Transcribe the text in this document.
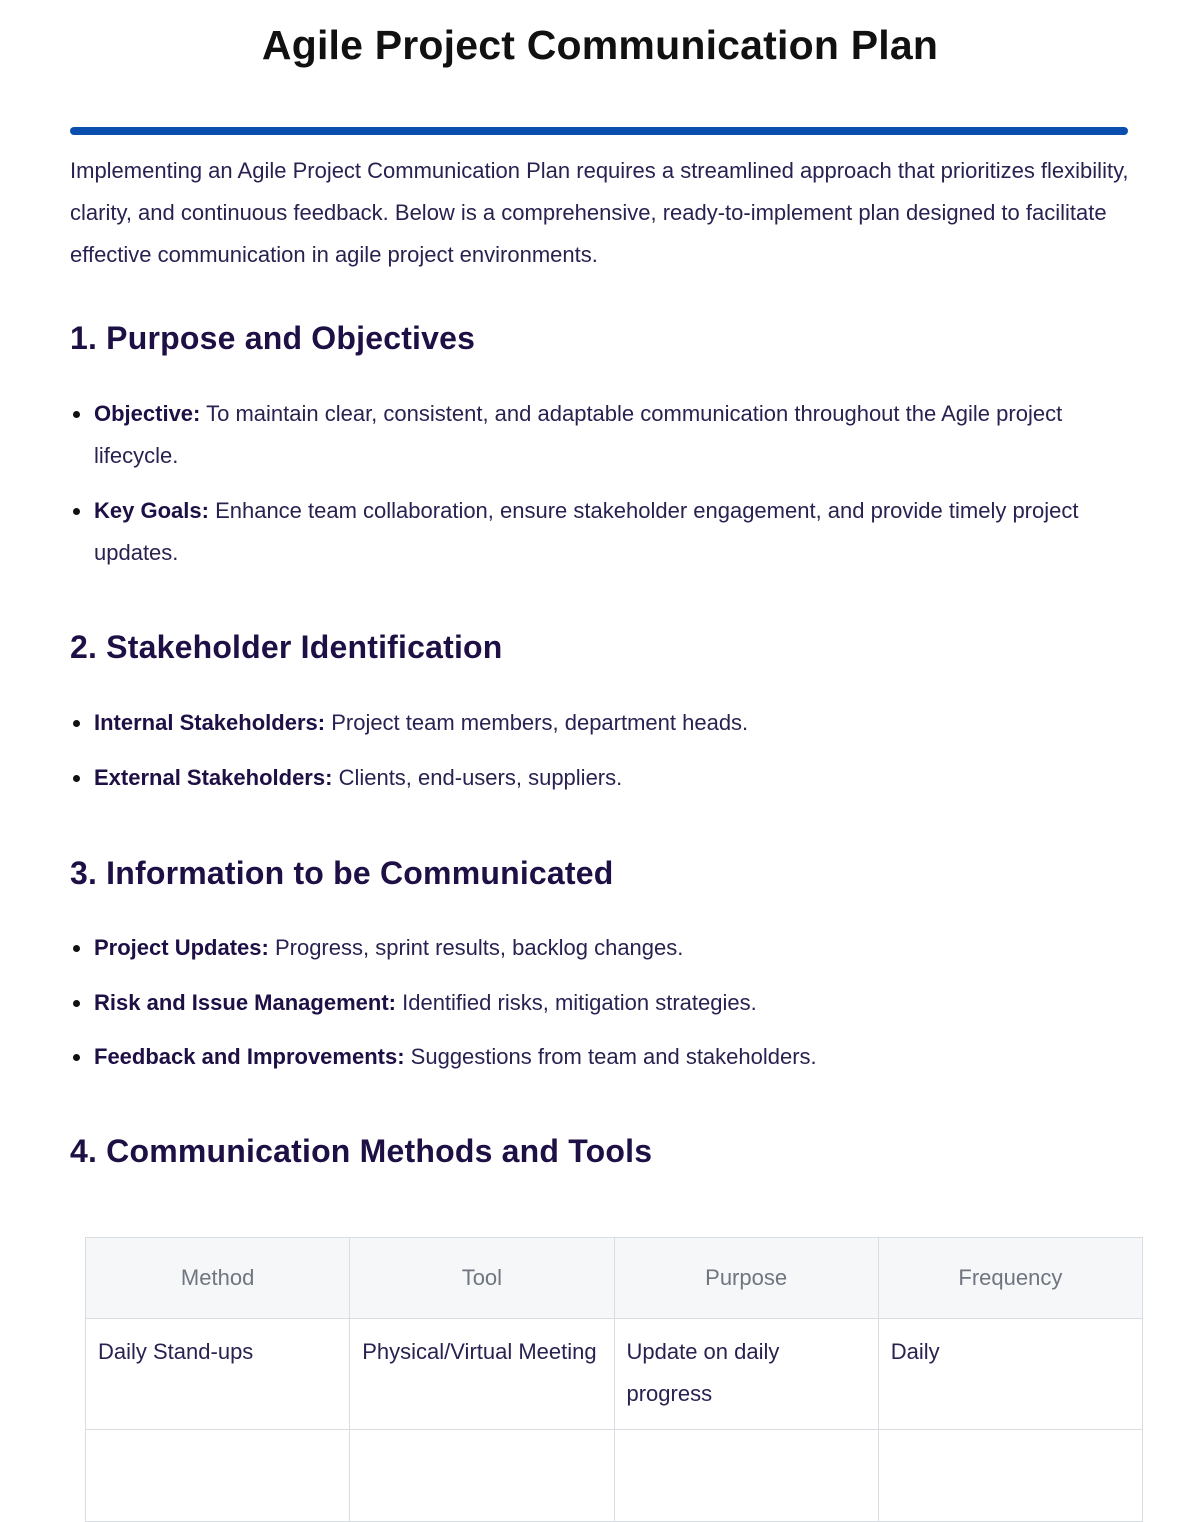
Agile Project Communication Plan

Implementing an Agile Project Communication Plan requires a streamlined approach that prioritizes flexibility, clarity, and continuous feedback. Below is a comprehensive, ready-to-implement plan designed to facilitate effective communication in agile project environments.

1. Purpose and Objectives
Objective: To maintain clear, consistent, and adaptable communication throughout the Agile project lifecycle.
Key Goals: Enhance team collaboration, ensure stakeholder engagement, and provide timely project updates.
2. Stakeholder Identification
Internal Stakeholders: Project team members, department heads.
External Stakeholders: Clients, end-users, suppliers.
3. Information to be Communicated
Project Updates: Progress, sprint results, backlog changes.
Risk and Issue Management: Identified risks, mitigation strategies.
Feedback and Improvements: Suggestions from team and stakeholders.
4. Communication Methods and Tools
Method	Tool	Purpose	Frequency
Daily Stand-ups	Physical/Virtual Meeting	Update on daily progress	Daily
